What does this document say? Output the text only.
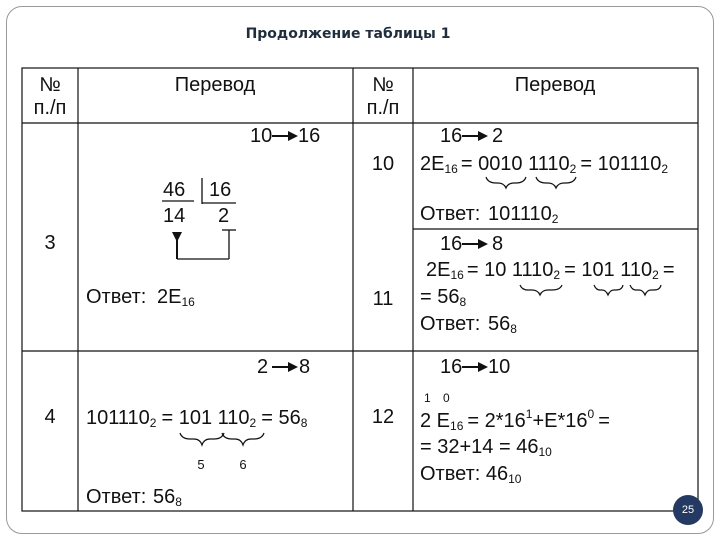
Продолжение таблицы 1
№
п./п
Перевод	№
п./п
Перевод
3
10 16
46 16
14 2
Ответ: 2E16
4
2 8
1011102 = 101 1102 = 568
5	6
Ответ: 568
10
16 2
2E16 = 0010 11102 = 1011102
Ответ: 1011102
11
16 8
2E16 = 10 11102 = 101 1102 =
= 568
Ответ: 568
12
16 10
1 0
2 $E16 = 2*16^1+E*16^0$ =
= 32+14 = 4610
Ответ: 4610
25
